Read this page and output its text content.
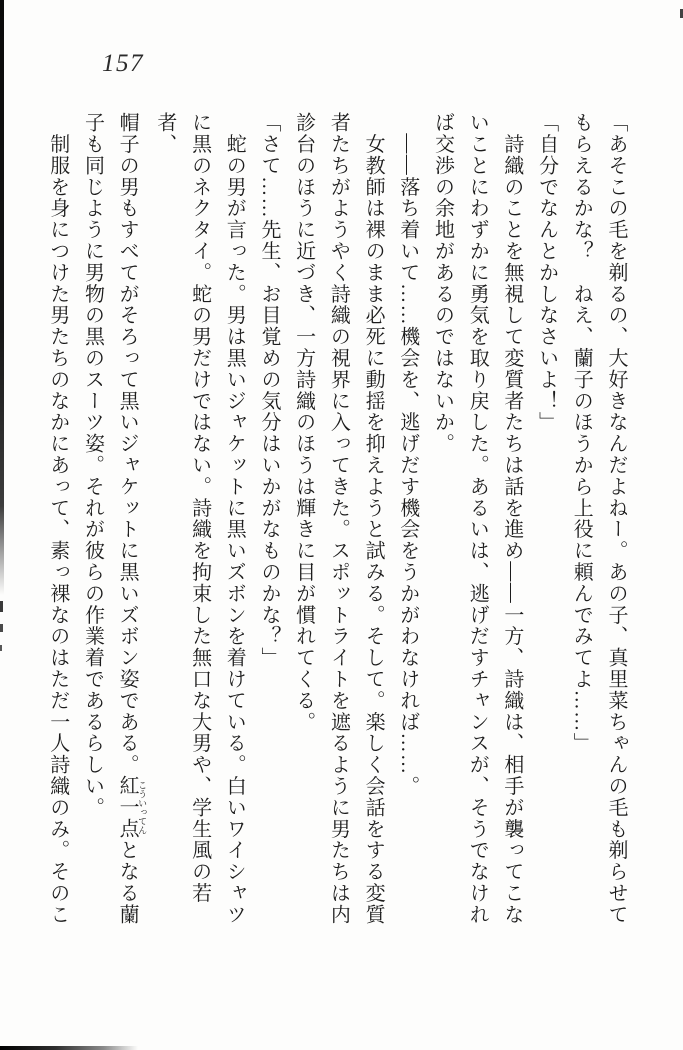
157
「あそこの毛を剃るの、大好きなんだよねー。あの子、真里菜ちゃんの毛も剃らせて
もらえるかな？　ねえ、蘭子のほうから上役に頼んでみてよ……」
「自分でなんとかしなさいよ！」
　詩織のことを無視して変質者たちは話を進め――一方、詩織は、相手が襲ってこな
いことにわずかに勇気を取り戻した。あるいは、逃げだすチャンスが、そうでなけれ
ば交渉の余地があるのではないか。
　――落ち着いて……機会を、逃げだす機会をうかがわなければ……。
　女教師は裸のまま必死に動揺を抑えようと試みる。そして。楽しく会話をする変質
者たちがようやく詩織の視界に入ってきた。スポットライトを遮るように男たちは内
診台のほうに近づき、一方詩織のほうは輝きに目が慣れてくる。
「さて……先生、お目覚めの気分はいかがなものかな？」
　蛇の男が言った。男は黒いジャケットに黒いズボンを着けている。白いワイシャツ
に黒のネクタイ。蛇の男だけではない。詩織を拘束した無口な大男や、学生風の若者、
帽子の男もすべてがそろって黒いジャケットに黒いズボン姿である。紅一点 こういってんとなる蘭
子も同じように男物の黒のスーツ姿。それが彼らの作業着であるらしい。
　制服を身につけた男たちのなかにあって、素っ裸なのはただ一人詩織のみ。そのこ
